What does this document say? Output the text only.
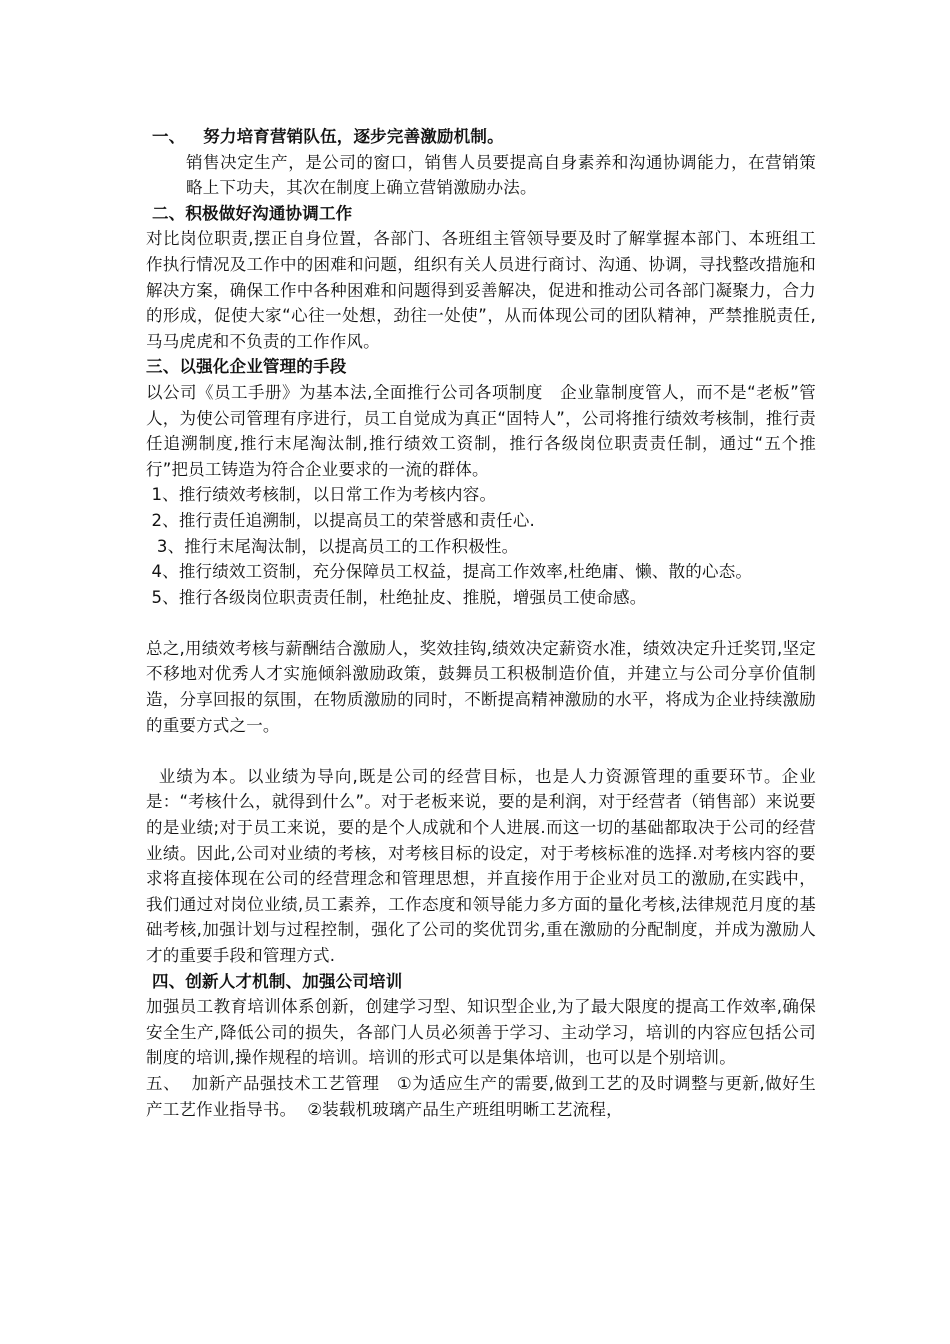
一、   努力培育营销队伍，逐步完善激励机制。
销售决定生产，是公司的窗口，销售人员要提高自身素养和沟通协调能力，在营销策略上下功夫，其次在制度上确立营销激励办法。
二、积极做好沟通协调工作
对比岗位职责,摆正自身位置，各部门、各班组主管领导要及时了解掌握本部门、本班组工作执行情况及工作中的困难和问题，组织有关人员进行商讨、沟通、协调，寻找整改措施和解决方案，确保工作中各种困难和问题得到妥善解决，促进和推动公司各部门凝聚力，合力的形成，促使大家“心往一处想，劲往一处使”，从而体现公司的团队精神，严禁推脱责任,马马虎虎和不负责的工作作风。
三、以强化企业管理的手段
以公司《员工手册》为基本法,全面推行公司各项制度   企业靠制度管人，而不是“老板”管人，为使公司管理有序进行，员工自觉成为真正“固特人”，公司将推行绩效考核制，推行责任追溯制度,推行末尾淘汰制,推行绩效工资制，推行各级岗位职责责任制，通过“五个推行”把员工铸造为符合企业要求的一流的群体。
1、推行绩效考核制，以日常工作为考核内容。
2、推行责任追溯制，以提高员工的荣誉感和责任心.
3、推行末尾淘汰制，以提高员工的工作积极性。
4、推行绩效工资制，充分保障员工权益，提高工作效率,杜绝庸、懒、散的心态。
5、推行各级岗位职责责任制，杜绝扯皮、推脱，增强员工使命感。
总之,用绩效考核与薪酬结合激励人，奖效挂钩,绩效决定薪资水准，绩效决定升迁奖罚,坚定不移地对优秀人才实施倾斜激励政策，鼓舞员工积极制造价值，并建立与公司分享价值制造，分享回报的氛围，在物质激励的同时，不断提高精神激励的水平，将成为企业持续激励的重要方式之一。
业绩为本。以业绩为导向,既是公司的经营目标，也是人力资源管理的重要环节。企业是：“考核什么，就得到什么”。对于老板来说，要的是利润，对于经营者（销售部）来说要的是业绩;对于员工来说，要的是个人成就和个人进展.而这一切的基础都取决于公司的经营业绩。因此,公司对业绩的考核，对考核目标的设定，对于考核标准的选择.对考核内容的要求将直接体现在公司的经营理念和管理思想，并直接作用于企业对员工的激励,在实践中，我们通过对岗位业绩,员工素养，工作态度和领导能力多方面的量化考核,法律规范月度的基础考核,加强计划与过程控制，强化了公司的奖优罚劣,重在激励的分配制度，并成为激励人才的重要手段和管理方式.
四、创新人才机制、加强公司培训
加强员工教育培训体系创新，创建学习型、知识型企业,为了最大限度的提高工作效率,确保安全生产,降低公司的损失，各部门人员必须善于学习、主动学习，培训的内容应包括公司制度的培训,操作规程的培训。培训的形式可以是集体培训，也可以是个别培训。
五、  加新产品强技术工艺管理   ①为适应生产的需要,做到工艺的及时调整与更新,做好生产工艺作业指导书。  ②装载机玻璃产品生产班组明晰工艺流程，
